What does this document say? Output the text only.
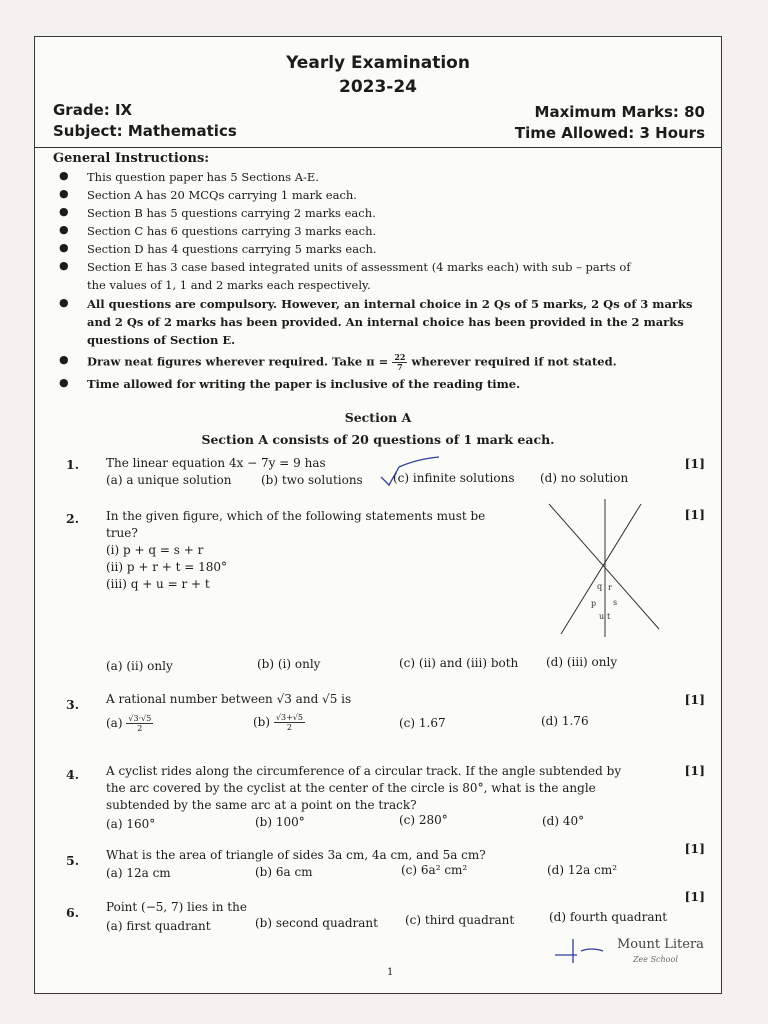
Yearly Examination
2023-24
Grade: IX
Subject: Mathematics
Maximum Marks: 80
Time Allowed: 3 Hours
General Instructions:
● This question paper has 5 Sections A-E.
● Section A has 20 MCQs carrying 1 mark each.
● Section B has 5 questions carrying 2 marks each.
● Section C has 6 questions carrying 3 marks each.
● Section D has 4 questions carrying 5 marks each.
● Section E has 3 case based integrated units of assessment (4 marks each) with sub – parts of
the values of 1, 1 and 2 marks each respectively.
● All questions are compulsory. However, an internal choice in 2 Qs of 5 marks, 2 Qs of 3 marks
and 2 Qs of 2 marks has been provided. An internal choice has been provided in the 2 marks
questions of Section E.
● Draw neat figures wherever required. Take $\pi = \frac{22}{7}$ wherever required if not stated.
● Time allowed for writing the paper is inclusive of the reading time.
Section A
Section A consists of 20 questions of 1 mark each.
1. The linear equation 4x − 7y = 9 has	[1]
(a) a unique solution (b) two solutions	(c) infinite solutions (d) no solution
2. In the given figure, which of the following statements must be
true?
[1]
(i) p + q = s + r
(ii) p + r + t = 180°
(iii) q + u = r + t	q r
p s
u t
(a) (ii) only	(b) (i) only	(c) (ii) and (iii) both (d) (iii) only
3. A rational number between √3 and √5 is	[1]
$(a) \frac{√3\cdot√5}{2}$	$(b) \frac{√3+√5}{2}$	(c) 1.67	(d) 1.76
4. A cyclist rides along the circumference of a circular track. If the angle subtended by
the arc covered by the cyclist at the center of the circle is 80°, what is the angle
subtended by the same arc at a point on the track?
[1]
(a) 160°	(b) 100°	(c) 280°	(d) 40°
5. What is the area of triangle of sides 3a cm, 4a cm, and 5a cm?	[1]
(a) 12a cm	(b) 6a cm	(c) 6a² cm²	(d) 12a cm²
6. Point (−5, 7) lies in the
[1]
(a) first quadrant	(b) second quadrant (c) third quadrant	(d) fourth quadrant
1
Mount Litera
Zee School
